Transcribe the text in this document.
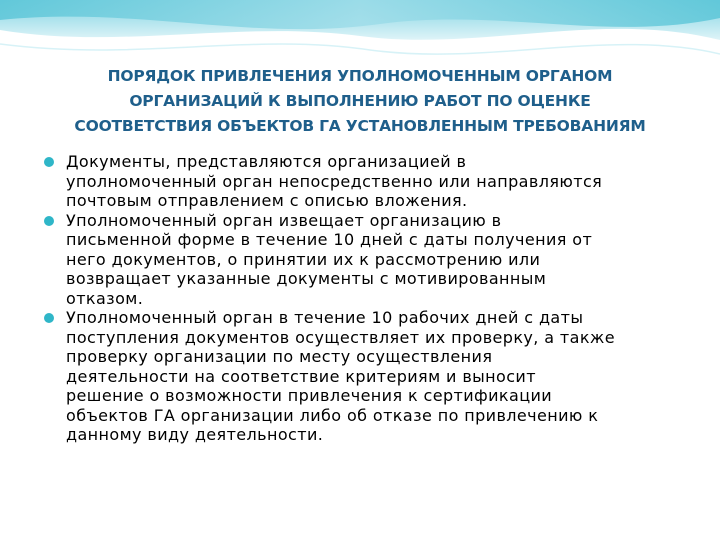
ПОРЯДОК ПРИВЛЕЧЕНИЯ УПОЛНОМОЧЕННЫМ ОРГАНОМ
ОРГАНИЗАЦИЙ К ВЫПОЛНЕНИЮ РАБОТ ПО ОЦЕНКЕ
СООТВЕТСТВИЯ ОБЪЕКТОВ ГА УСТАНОВЛЕННЫМ ТРЕБОВАНИЯМ
Документы, представляются организацией в
уполномоченный орган непосредственно или направляются
почтовым отправлением с описью вложения.
Уполномоченный орган извещает организацию в
письменной форме в течение 10 дней с даты получения от
него документов, о принятии их к рассмотрению или
возвращает указанные документы с мотивированным
отказом.
Уполномоченный орган в течение 10 рабочих дней с даты
поступления документов осуществляет их проверку, а также
проверку организации по месту осуществления
деятельности на соответствие критериям и выносит
решение о возможности привлечения к сертификации
объектов ГА организации либо об отказе по привлечению к
данному виду деятельности.
